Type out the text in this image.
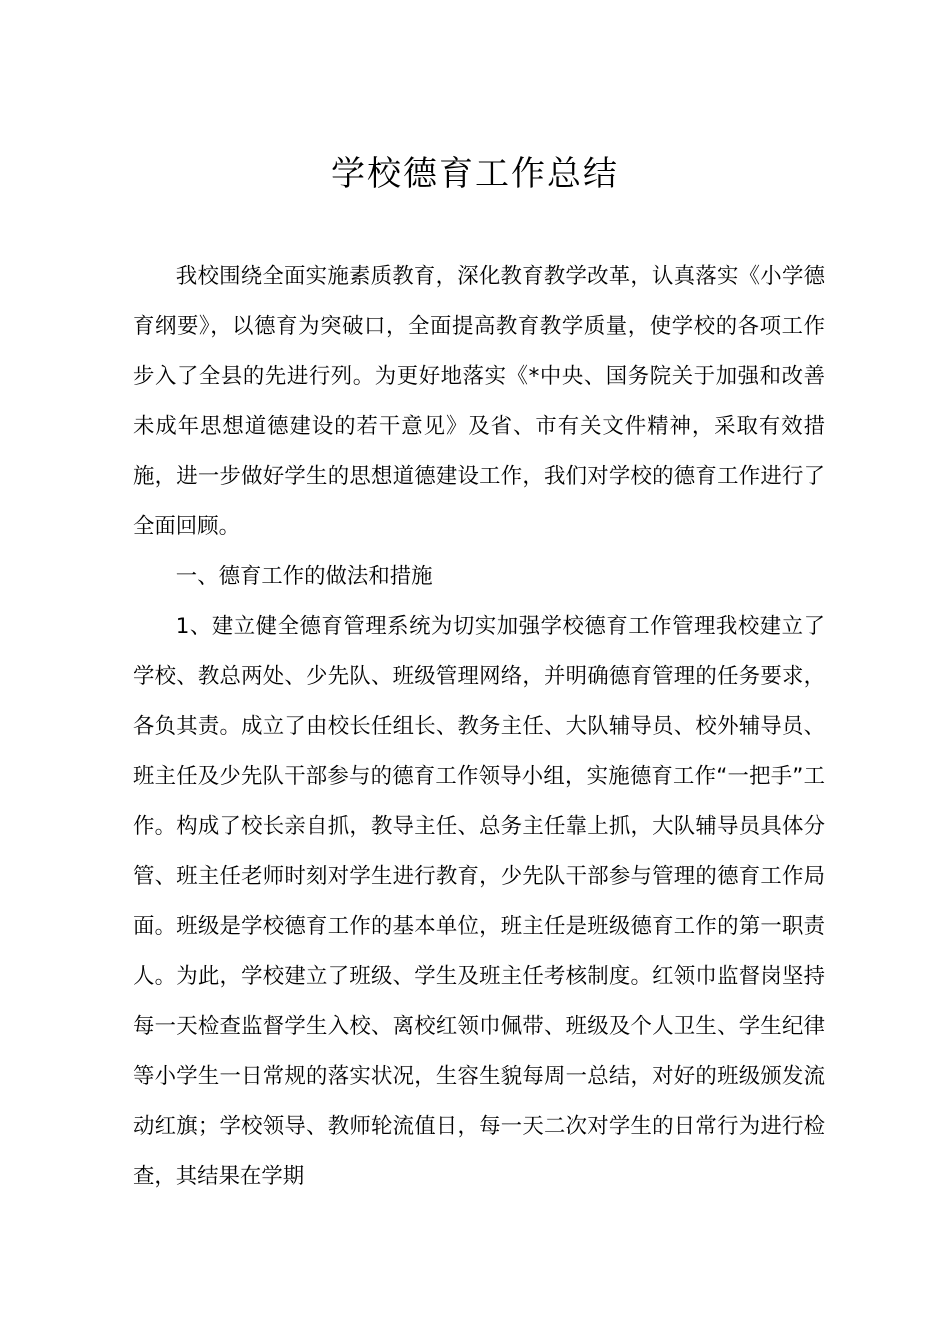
学校德育工作总结

我校围绕全面实施素质教育，深化教育教学改革，认真落实《小学德育纲要》，以德育为突破口，全面提高教育教学质量，使学校的各项工作步入了全县的先进行列。为更好地落实《*中央、国务院关于加强和改善未成年思想道德建设的若干意见》及省、市有关文件精神，采取有效措施，进一步做好学生的思想道德建设工作，我们对学校的德育工作进行了全面回顾。

一、德育工作的做法和措施

1、建立健全德育管理系统为切实加强学校德育工作管理我校建立了学校、教总两处、少先队、班级管理网络，并明确德育管理的任务要求，各负其责。成立了由校长任组长、教务主任、大队辅导员、校外辅导员、班主任及少先队干部参与的德育工作领导小组，实施德育工作“一把手”工作。构成了校长亲自抓，教导主任、总务主任靠上抓，大队辅导员具体分管、班主任老师时刻对学生进行教育，少先队干部参与管理的德育工作局面。班级是学校德育工作的基本单位，班主任是班级德育工作的第一职责人。为此，学校建立了班级、学生及班主任考核制度。红领巾监督岗坚持每一天检查监督学生入校、离校红领巾佩带、班级及个人卫生、学生纪律等小学生一日常规的落实状况，生容生貌每周一总结，对好的班级颁发流动红旗；学校领导、教师轮流值日，每一天二次对学生的日常行为进行检查，其结果在学期
